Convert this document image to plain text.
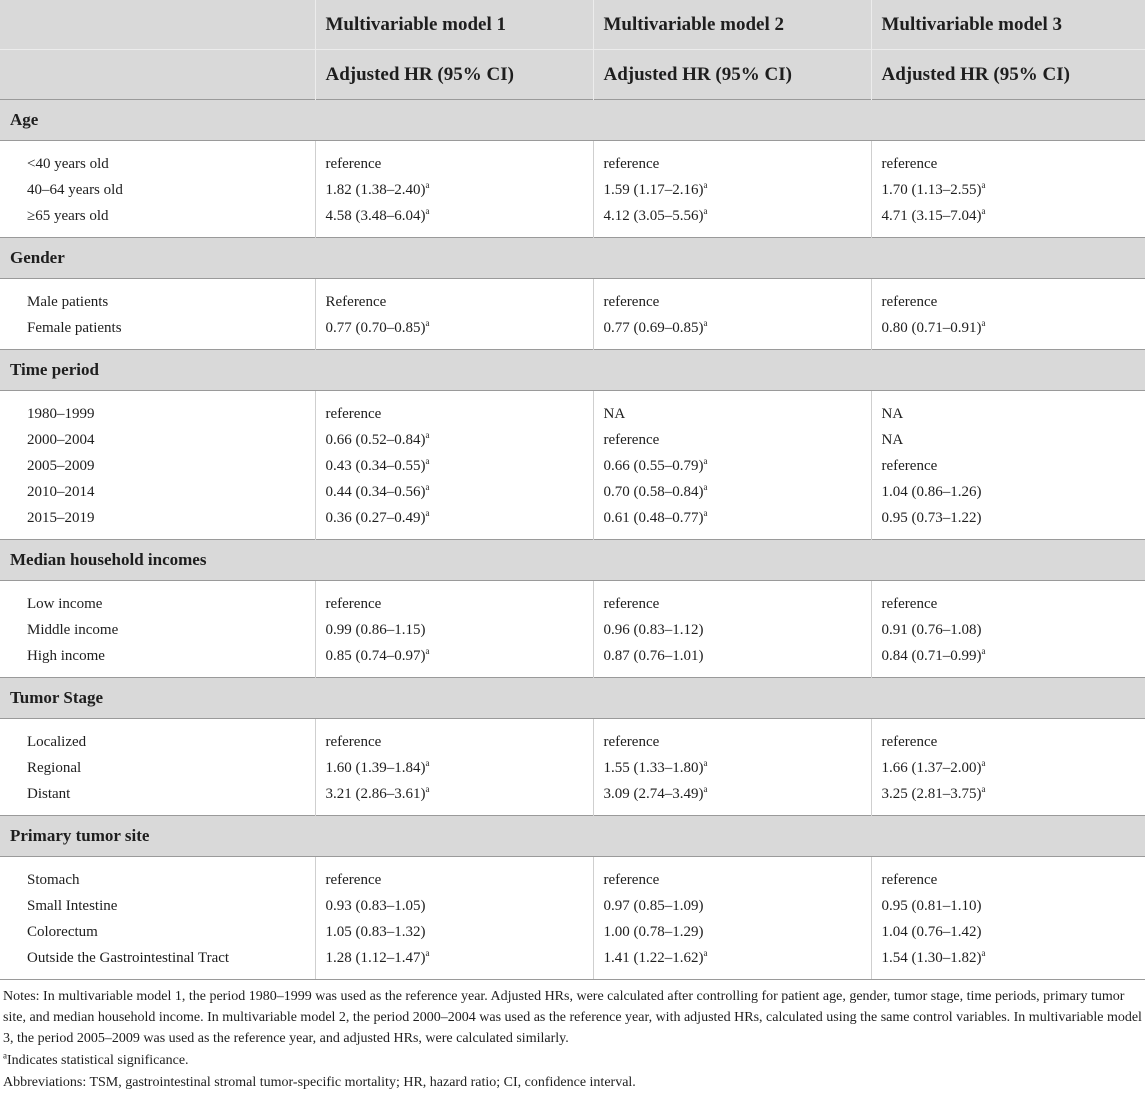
	Multivariable model 1	Multivariable model 2	Multivariable model 3
	Adjusted HR (95% CI)	Adjusted HR (95% CI)	Adjusted HR (95% CI)
Age			
<40 years old	reference	reference	reference
40–64 years old	1.82 $(1.38-2.40)^a$	1.59 $(1.17-2.16)^a$	1.70 $(1.13-2.55)^a$
≥65 years old	4.58 $(3.48-6.04)^a$	4.12 $(3.05-5.56)^a$	4.71 $(3.15-7.04)^a$
Gender			
Male patients	Reference	reference	reference
Female patients	0.77 $(0.70-0.85)^a$	0.77 $(0.69-0.85)^a$	0.80 $(0.71-0.91)^a$
Time period			
1980–1999	reference	NA	NA
2000–2004	0.66 $(0.52-0.84)^a$	reference	NA
2005–2009	0.43 $(0.34-0.55)^a$	0.66 $(0.55-0.79)^a$	reference
2010–2014	0.44 $(0.34-0.56)^a$	0.70 $(0.58-0.84)^a$	1.04 (0.86–1.26)
2015–2019	0.36 $(0.27-0.49)^a$	0.61 $(0.48-0.77)^a$	0.95 (0.73–1.22)
Median household incomes			
Low income	reference	reference	reference
Middle income	0.99 (0.86–1.15)	0.96 (0.83–1.12)	0.91 (0.76–1.08)
High income	0.85 $(0.74-0.97)^a$	0.87 (0.76–1.01)	0.84 $(0.71-0.99)^a$
Tumor Stage			
Localized	reference	reference	reference
Regional	1.60 $(1.39-1.84)^a$	1.55 $(1.33-1.80)^a$	1.66 $(1.37-2.00)^a$
Distant	3.21 $(2.86-3.61)^a$	3.09 $(2.74-3.49)^a$	3.25 $(2.81-3.75)^a$
Primary tumor site			
Stomach	reference	reference	reference
Small Intestine	0.93 (0.83–1.05)	0.97 (0.85–1.09)	0.95 (0.81–1.10)
Colorectum	1.05 (0.83–1.32)	1.00 (0.78–1.29)	1.04 (0.76–1.42)
Outside the Gastrointestinal Tract	1.28 $(1.12-1.47)^a$	1.41 $(1.22-1.62)^a$	1.54 $(1.30-1.82)^a$

Notes: In multivariable model 1, the period 1980–1999 was used as the reference year. Adjusted HRs, were calculated after controlling for patient age, gender, tumor stage, time periods, primary tumor site, and median household income. In multivariable model 2, the period 2000–2004 was used as the reference year, with adjusted HRs, calculated using the same control variables. In multivariable model 3, the period 2005–2009 was used as the reference year, and adjusted HRs, were calculated similarly.

$^a$Indicates statistical significance.

Abbreviations: TSM, gastrointestinal stromal tumor-specific mortality; HR, hazard ratio; CI, confidence interval.
